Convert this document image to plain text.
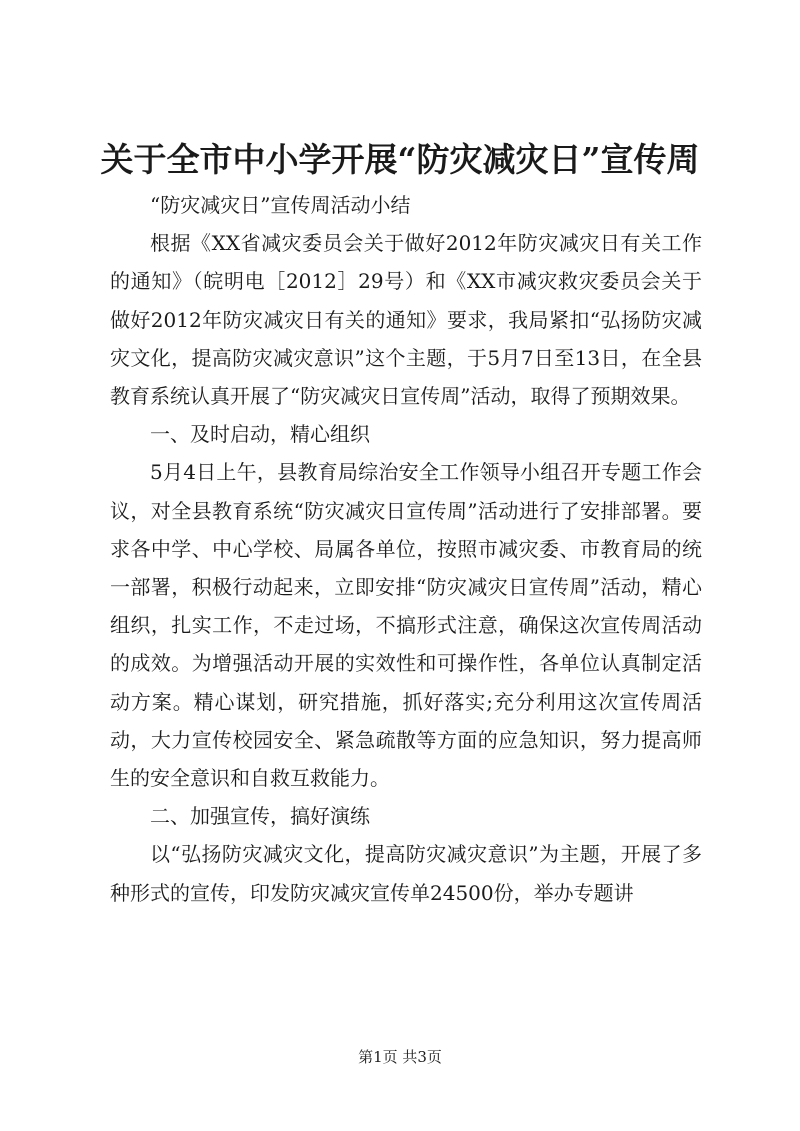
关于全市中小学开展“防灾减灾日”宣传周

“防灾减灾日”宣传周活动小结

根据《XX省减灾委员会关于做好2012年防灾减灾日有关工作的通知》（皖明电［2012］29号）和《XX市减灾救灾委员会关于做好2012年防灾减灾日有关的通知》要求，我局紧扣“弘扬防灾减灾文化，提高防灾减灾意识”这个主题，于5月7日至13日，在全县教育系统认真开展了“防灾减灾日宣传周”活动，取得了预期效果。

一、及时启动，精心组织

5月4日上午，县教育局综治安全工作领导小组召开专题工作会议，对全县教育系统“防灾减灾日宣传周”活动进行了安排部署。要求各中学、中心学校、局属各单位，按照市减灾委、市教育局的统一部署，积极行动起来，立即安排“防灾减灾日宣传周”活动，精心组织，扎实工作，不走过场，不搞形式注意，确保这次宣传周活动的成效。为增强活动开展的实效性和可操作性，各单位认真制定活动方案。精心谋划，研究措施，抓好落实;充分利用这次宣传周活动，大力宣传校园安全、紧急疏散等方面的应急知识，努力提高师生的安全意识和自救互救能力。

二、加强宣传，搞好演练

以“弘扬防灾减灾文化，提高防灾减灾意识”为主题，开展了多种形式的宣传，印发防灾减灾宣传单24500份，举办专题讲

第1页 共3页
